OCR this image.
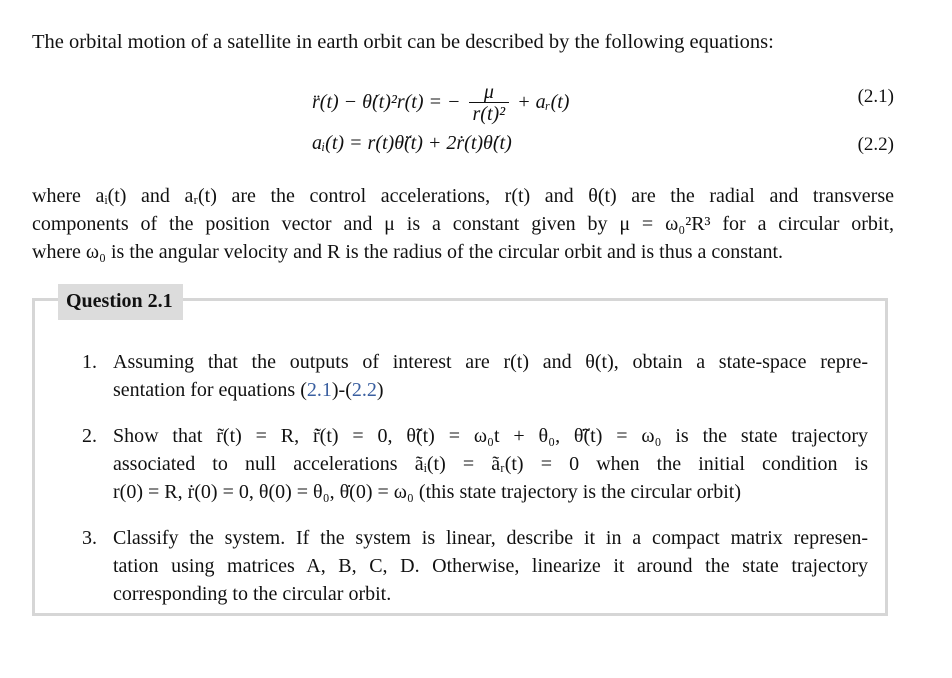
The orbital motion of a satellite in earth orbit can be described by the following equations:
r̈(t) − θ̇(t)²r(t) = − $\frac{\mu}{\text{r(t)²}}$ + aᵣ(t)	(2.1)
aᵢ(t) = r(t)θ̈(t) + 2ṙ(t)θ̇(t)	(2.2)
where aᵢ(t) and aᵣ(t) are the control accelerations, r(t) and θ(t) are the radial and transverse
components of the position vector and μ is a constant given by μ = ω₀²R³ for a circular orbit,
where ω₀ is the angular velocity and R is the radius of the circular orbit and is thus a constant.
Question 2.1
1. Assuming that the outputs of interest are r(t) and θ(t), obtain a state-space repre-
sentation for equations (2.1)-(2.2)
2. Show that r̃(t) = R, r̃̇(t) = 0, θ̃(t) = ω₀t + θ₀, θ̃̇(t) = ω₀ is the state trajectory
associated to null accelerations ãᵢ(t) = ãᵣ(t) = 0 when the initial condition is
r(0) = R, ṙ(0) = 0, θ(0) = θ₀, θ̇(0) = ω₀ (this state trajectory is the circular orbit)
3. Classify the system. If the system is linear, describe it in a compact matrix represen-
tation using matrices A, B, C, D. Otherwise, linearize it around the state trajectory
corresponding to the circular orbit.
